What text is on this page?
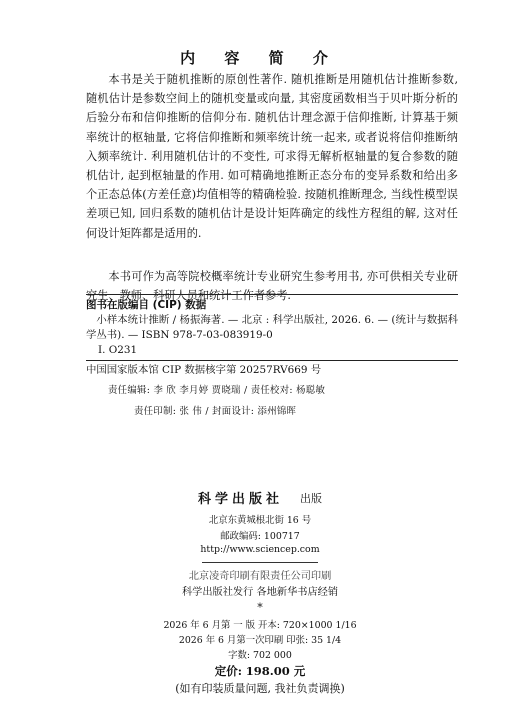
内 容 简 介

本书是关于随机推断的原创性著作. 随机推断是用随机估计推断参数, 随机估计是参数空间上的随机变量或向量, 其密度函数相当于贝叶斯分析的后验分布和信仰推断的信仰分布. 随机估计理念源于信仰推断, 计算基于频率统计的枢轴量, 它将信仰推断和频率统计统一起来, 或者说将信仰推断纳入频率统计. 利用随机估计的不变性, 可求得无解析枢轴量的复合参数的随机估计, 起到枢轴量的作用. 如可精确地推断正态分布的变异系数和给出多个正态总体(方差任意)均值相等的精确检验. 按随机推断理念, 当线性模型误差项已知, 回归系数的随机估计是设计矩阵确定的线性方程组的解, 这对任何设计矩阵都是适用的.

本书可作为高等院校概率统计专业研究生参考用书, 亦可供相关专业研究生、教师、科研人员和统计工作者参考.

图书在版编目 (CIP) 数据

小样本统计推断 / 杨振海著. — 北京 : 科学出版社, 2026. 6. — (统计与数据科学丛书). — ISBN 978-7-03-083919-0

I. O231

中国国家版本馆 CIP 数据核字第 20257RV669 号
责任编辑: 李 欣 李月婷 贾晓瑞 / 责任校对: 杨聪敏
责任印制: 张 伟 / 封面设计: 添州锦晖
科学出版社 出版
北京东黄城根北街 16 号
邮政编码: 100717
http://www.sciencep.com
北京凌奇印刷有限责任公司印刷
科学出版社发行 各地新华书店经销
*
2026 年 6 月第 一 版 开本: 720×1000 1/16
2026 年 6 月第一次印刷 印张: 35 1/4
字数: 702 000
定价: 198.00 元
(如有印装质量问题, 我社负责调换)
